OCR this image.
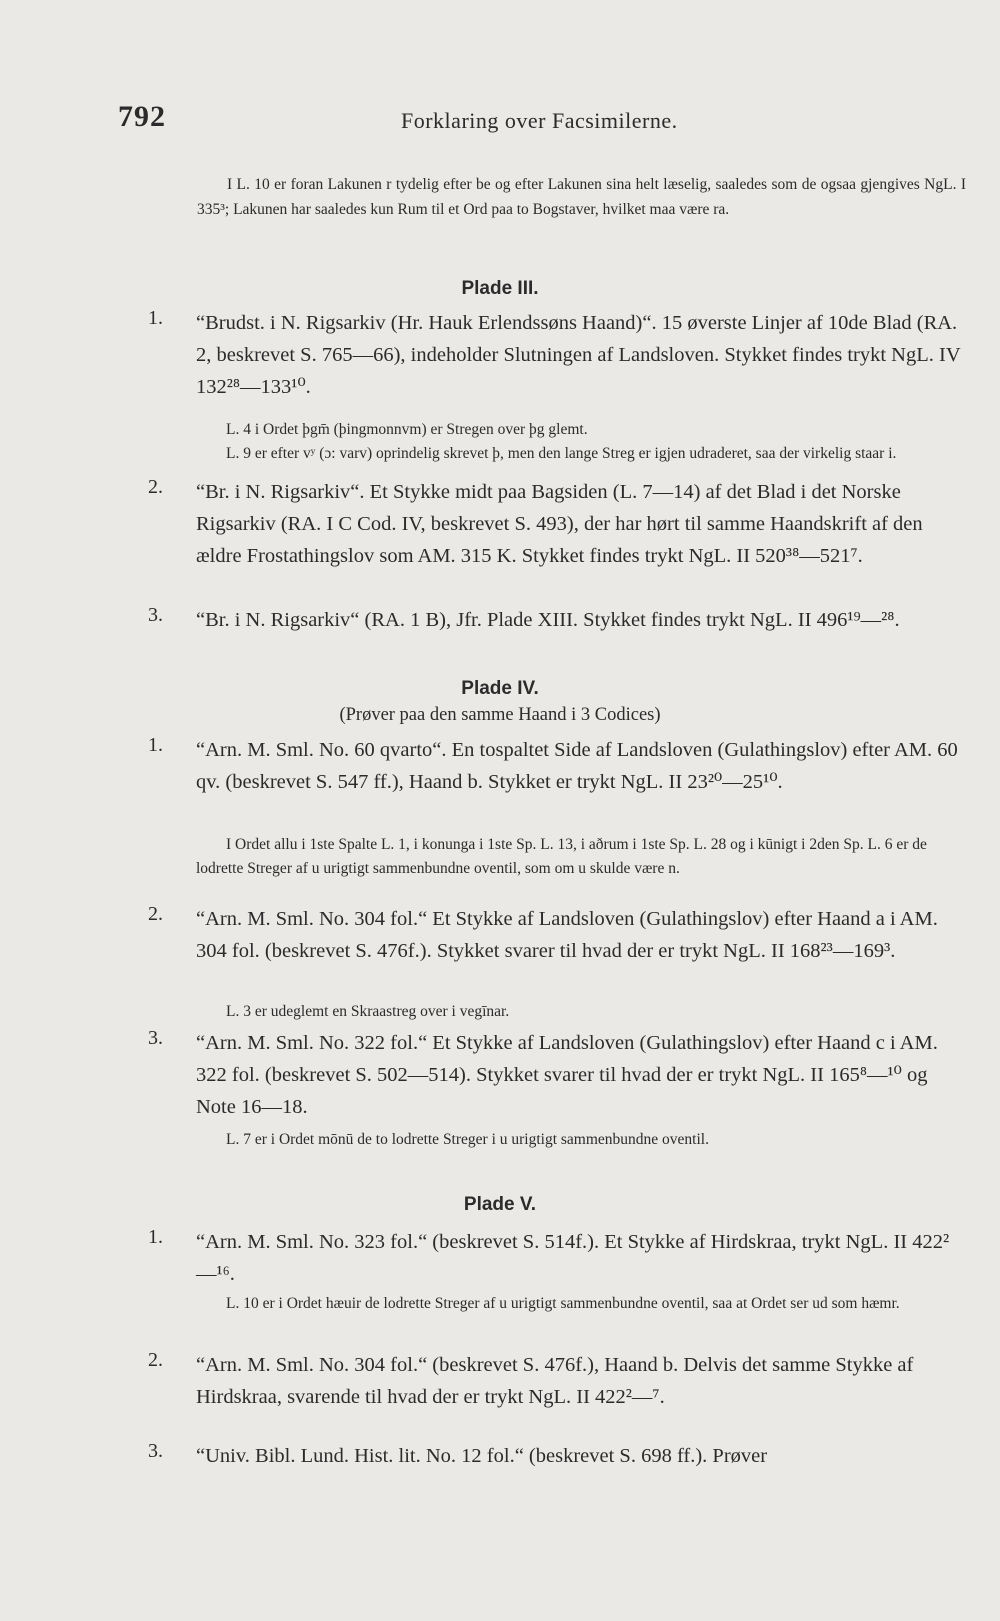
792	Forklaring over Facsimilerne.
I L. 10 er foran Lakunen r tydelig efter be og efter Lakunen sina helt læselig, saaledes som de ogsaa gjengives NgL. I 335³; Lakunen har saaledes kun Rum til et Ord paa to Bogstaver, hvilket maa være ra.
Plade III.
1. “Brudst. i N. Rigsarkiv (Hr. Hauk Erlendssøns Haand)“. 15 øverste Linjer af 10de Blad (RA. 2, beskrevet S. 765—66), indeholder Slutningen af Landsloven. Stykket findes trykt NgL. IV 132²⁸—133¹⁰.

L. 4 i Ordet þgm̄ (þingmonnvm) er Stregen over þg glemt.

L. 9 er efter vʸ (ɔ: varv) oprindelig skrevet þ, men den lange Streg er igjen udraderet, saa der virkelig staar i.

2. “Br. i N. Rigsarkiv“. Et Stykke midt paa Bagsiden (L. 7—14) af det Blad i det Norske Rigsarkiv (RA. I C Cod. IV, beskrevet S. 493), der har hørt til samme Haandskrift af den ældre Frostathingslov som AM. 315 K. Stykket findes trykt NgL. II 520³⁸—521⁷.
3. “Br. i N. Rigsarkiv“ (RA. 1 B), Jfr. Plade XIII. Stykket findes trykt NgL. II 496¹⁹—²⁸.
Plade IV.
(Prøver paa den samme Haand i 3 Codices)
1. “Arn. M. Sml. No. 60 qvarto“. En tospaltet Side af Landsloven (Gulathingslov) efter AM. 60 qv. (beskrevet S. 547 ff.), Haand b. Stykket er trykt NgL. II 23²⁰—25¹⁰.

I Ordet allu i 1ste Spalte L. 1, i konunga i 1ste Sp. L. 13, i aðrum i 1ste Sp. L. 28 og i kūnigt i 2den Sp. L. 6 er de lodrette Streger af u urigtigt sammenbundne oventil, som om u skulde være n.

2. “Arn. M. Sml. No. 304 fol.“ Et Stykke af Landsloven (Gulathingslov) efter Haand a i AM. 304 fol. (beskrevet S. 476f.). Stykket svarer til hvad der er trykt NgL. II 168²³—169³.

L. 3 er udeglemt en Skraastreg over i vegīnar.

3. “Arn. M. Sml. No. 322 fol.“ Et Stykke af Landsloven (Gulathingslov) efter Haand c i AM. 322 fol. (beskrevet S. 502—514). Stykket svarer til hvad der er trykt NgL. II 165⁸—¹⁰ og Note 16—18.

L. 7 er i Ordet mōnū de to lodrette Streger i u urigtigt sammenbundne oventil.

Plade V.
1. “Arn. M. Sml. No. 323 fol.“ (beskrevet S. 514f.). Et Stykke af Hirdskraa, trykt NgL. II 422²—¹⁶.

L. 10 er i Ordet hæuir de lodrette Streger af u urigtigt sammenbundne oventil, saa at Ordet ser ud som hæmr.

2. “Arn. M. Sml. No. 304 fol.“ (beskrevet S. 476f.), Haand b. Delvis det samme Stykke af Hirdskraa, svarende til hvad der er trykt NgL. II 422²—⁷.
3. “Univ. Bibl. Lund. Hist. lit. No. 12 fol.“ (beskrevet S. 698 ff.). Prøver
